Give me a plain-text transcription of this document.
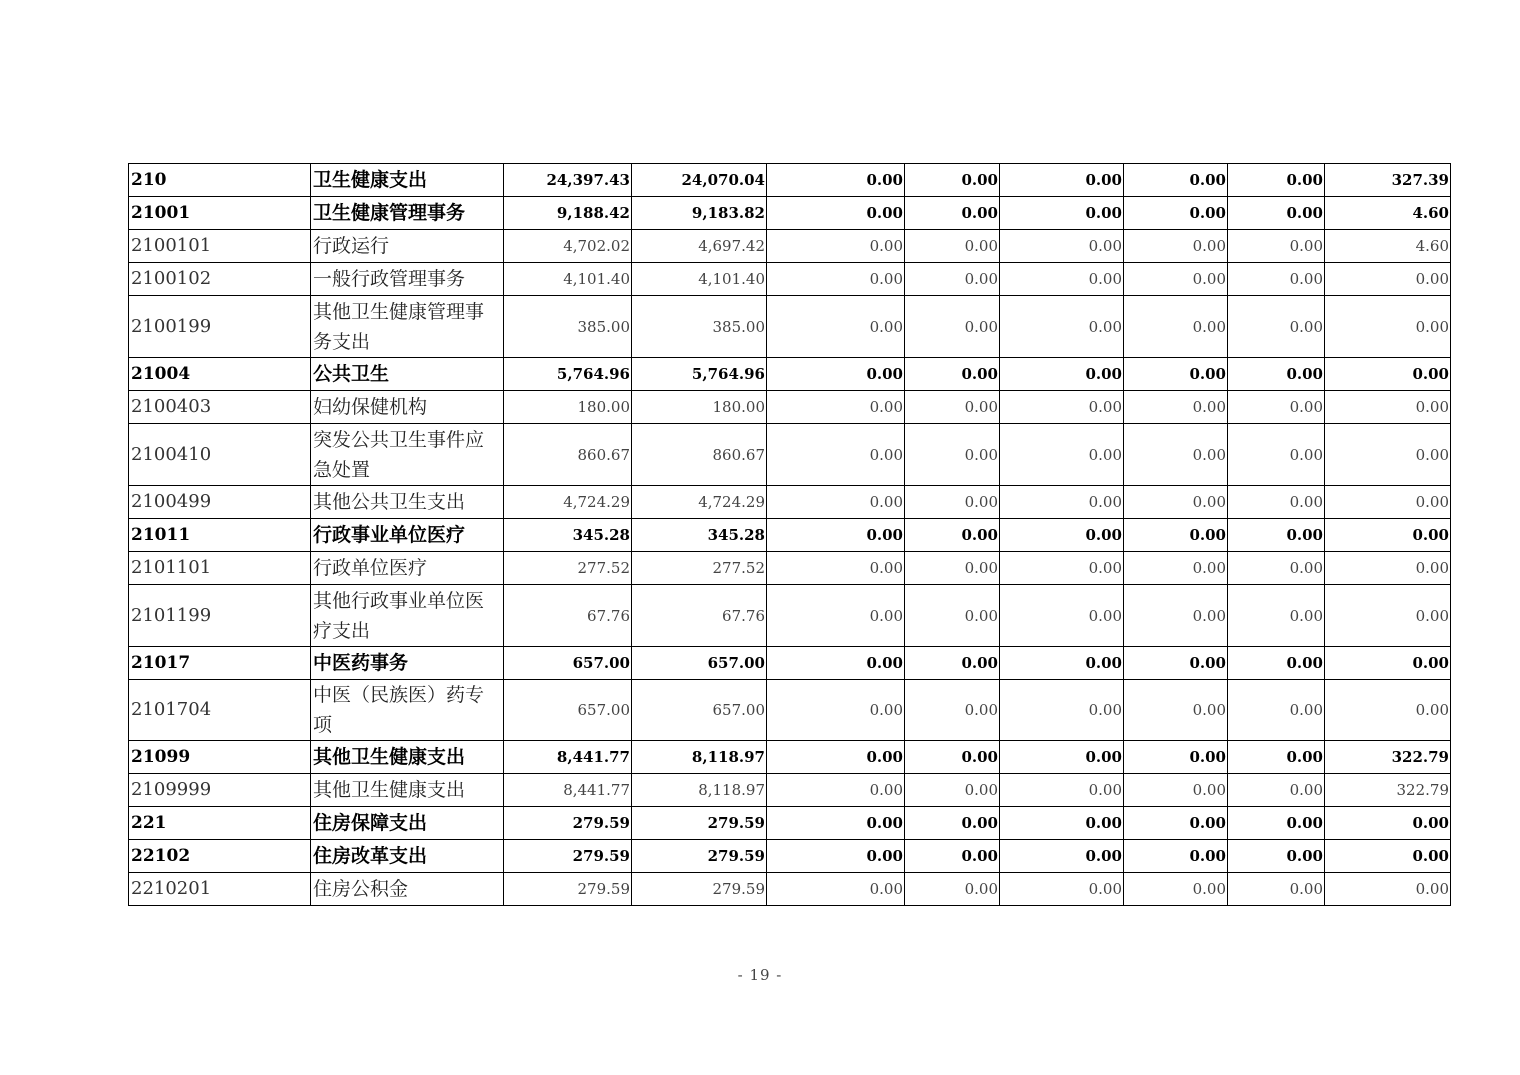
210	卫生健康支出	24,397.43	24,070.04	0.00	0.00	0.00	0.00	0.00	327.39
21001	卫生健康管理事务	9,188.42	9,183.82	0.00	0.00	0.00	0.00	0.00	4.60
2100101	行政运行	4,702.02	4,697.42	0.00	0.00	0.00	0.00	0.00	4.60
2100102	一般行政管理事务	4,101.40	4,101.40	0.00	0.00	0.00	0.00	0.00	0.00
2100199	其他卫生健康管理事务支出	385.00	385.00	0.00	0.00	0.00	0.00	0.00	0.00
21004	公共卫生	5,764.96	5,764.96	0.00	0.00	0.00	0.00	0.00	0.00
2100403	妇幼保健机构	180.00	180.00	0.00	0.00	0.00	0.00	0.00	0.00
2100410	突发公共卫生事件应急处置	860.67	860.67	0.00	0.00	0.00	0.00	0.00	0.00
2100499	其他公共卫生支出	4,724.29	4,724.29	0.00	0.00	0.00	0.00	0.00	0.00
21011	行政事业单位医疗	345.28	345.28	0.00	0.00	0.00	0.00	0.00	0.00
2101101	行政单位医疗	277.52	277.52	0.00	0.00	0.00	0.00	0.00	0.00
2101199	其他行政事业单位医疗支出	67.76	67.76	0.00	0.00	0.00	0.00	0.00	0.00
21017	中医药事务	657.00	657.00	0.00	0.00	0.00	0.00	0.00	0.00
2101704	中医（民族医）药专项	657.00	657.00	0.00	0.00	0.00	0.00	0.00	0.00
21099	其他卫生健康支出	8,441.77	8,118.97	0.00	0.00	0.00	0.00	0.00	322.79
2109999	其他卫生健康支出	8,441.77	8,118.97	0.00	0.00	0.00	0.00	0.00	322.79
221	住房保障支出	279.59	279.59	0.00	0.00	0.00	0.00	0.00	0.00
22102	住房改革支出	279.59	279.59	0.00	0.00	0.00	0.00	0.00	0.00
2210201	住房公积金	279.59	279.59	0.00	0.00	0.00	0.00	0.00	0.00
- 19 -
